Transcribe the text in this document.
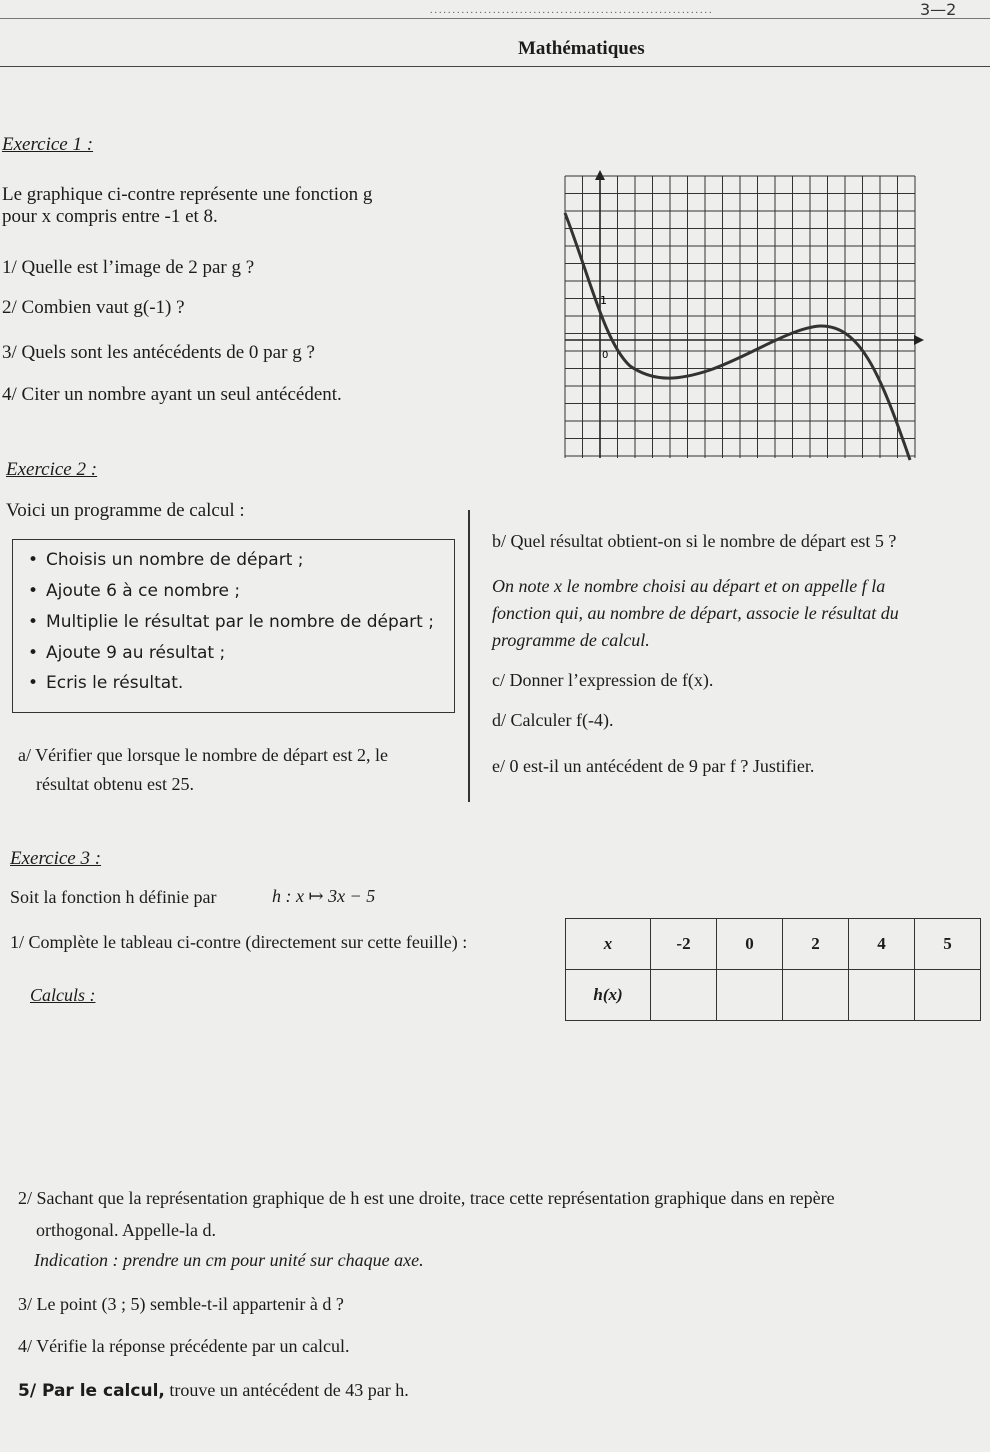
...............................................................	3—2
Mathématiques
Exercice 1 :
Le graphique ci-contre représente une fonction g
pour x compris entre -1 et 8.
1/ Quelle est l’image de 2 par g ?
2/ Combien vaut g(-1) ?
3/ Quels sont les antécédents de 0 par g ?
4/ Citer un nombre ayant un seul antécédent.
1
0
Exercice 2 :
Voici un programme de calcul :
• Choisis un nombre de départ ;
• Ajoute 6 à ce nombre ;
• Multiplie le résultat par le nombre de départ ;
• Ajoute 9 au résultat ;
• Ecris le résultat.
a/ Vérifier que lorsque le nombre de départ est 2, le
résultat obtenu est 25.
b/ Quel résultat obtient-on si le nombre de départ est 5 ?
On note x le nombre choisi au départ et on appelle f la
fonction qui, au nombre de départ, associe le résultat du
programme de calcul.
c/ Donner l’expression de f(x).
d/ Calculer f(-4).
e/ 0 est-il un antécédent de 9 par f ? Justifier.
Exercice 3 :
Soit la fonction h définie par	h : x ↦ 3x − 5
1/ Complète le tableau ci-contre (directement sur cette feuille) :
Calculs :
x	-2	0	2	4	5
h(x)					
2/ Sachant que la représentation graphique de h est une droite, trace cette représentation graphique dans en repère
orthogonal. Appelle-la d.
Indication : prendre un cm pour unité sur chaque axe.
3/ Le point (3 ; 5) semble-t-il appartenir à d ?
4/ Vérifie la réponse précédente par un calcul.
5/ Par le calcul, trouve un antécédent de 43 par h.
